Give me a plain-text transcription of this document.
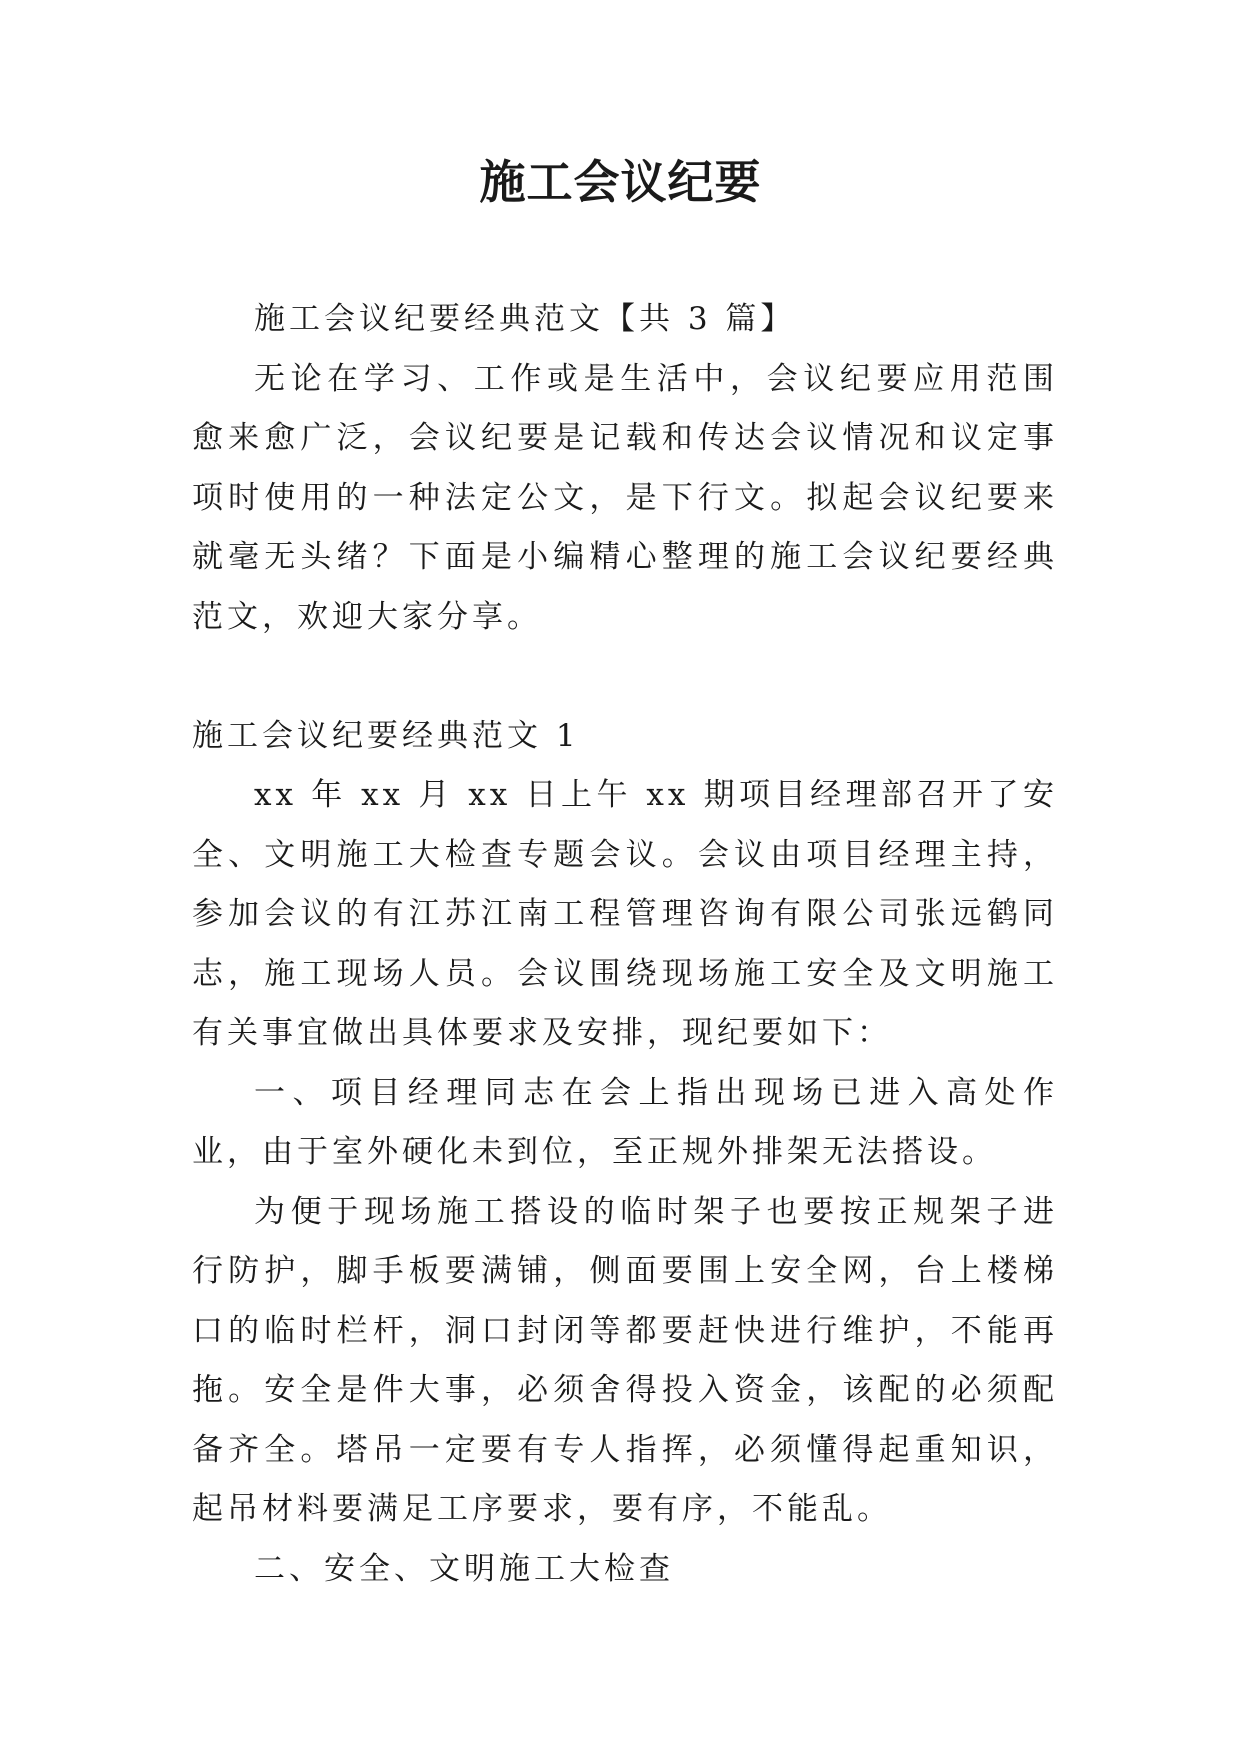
施工会议纪要

施工会议纪要经典范文【共 3 篇】

无论在学习、工作或是生活中，会议纪要应用范围愈来愈广泛，会议纪要是记载和传达会议情况和议定事项时使用的一种法定公文，是下行文。拟起会议纪要来就毫无头绪？下面是小编精心整理的施工会议纪要经典范文，欢迎大家分享。

施工会议纪要经典范文 1

xx 年 xx 月 xx 日上午 xx 期项目经理部召开了安全、文明施工大检查专题会议。会议由项目经理主持，参加会议的有江苏江南工程管理咨询有限公司张远鹤同志，施工现场人员。会议围绕现场施工安全及文明施工有关事宜做出具体要求及安排，现纪要如下：

一、项目经理同志在会上指出现场已进入高处作业，由于室外硬化未到位，至正规外排架无法搭设。

为便于现场施工搭设的临时架子也要按正规架子进行防护，脚手板要满铺，侧面要围上安全网，台上楼梯口的临时栏杆，洞口封闭等都要赶快进行维护，不能再拖。安全是件大事，必须舍得投入资金，该配的必须配备齐全。塔吊一定要有专人指挥，必须懂得起重知识，起吊材料要满足工序要求，要有序，不能乱。

二、安全、文明施工大检查
